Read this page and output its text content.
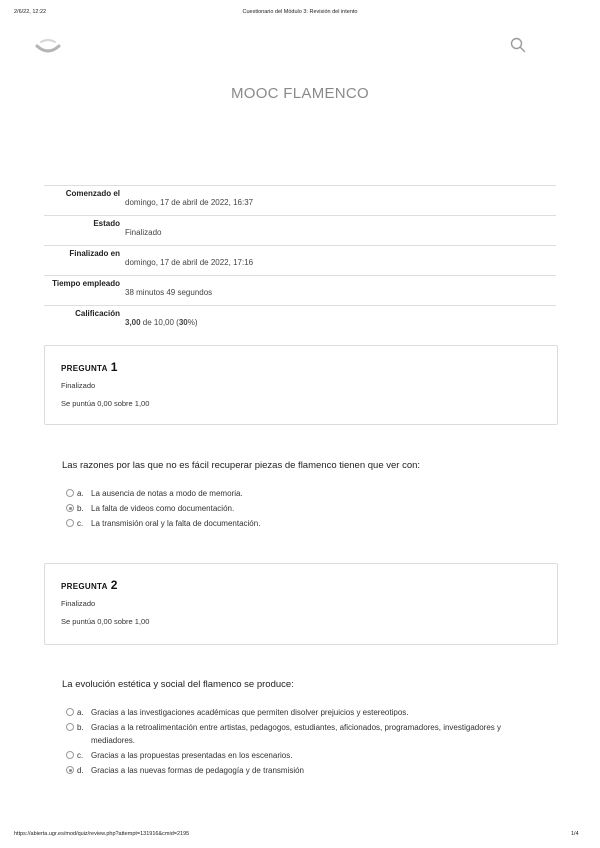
2/6/22, 12:22	Cuestionario del Módulo 3: Revisión del intento
MOOC FLAMENCO
Comenzado el
domingo, 17 de abril de 2022, 16:37
Estado
Finalizado
Finalizado en
domingo, 17 de abril de 2022, 17:16
Tiempo empleado
38 minutos 49 segundos
Calificación
3,00 de 10,00 (30%)
PREGUNTA 1
Finalizado
Se puntúa 0,00 sobre 1,00
Las razones por las que no es fácil recuperar piezas de flamenco tienen que ver con:
a. La ausencia de notas a modo de memoria.
b. La falta de videos como documentación.
c. La transmisión oral y la falta de documentación.
PREGUNTA 2
Finalizado
Se puntúa 0,00 sobre 1,00
La evolución estética y social del flamenco se produce:
a. Gracias a las investigaciones académicas que permiten disolver prejuicios y estereotipos.
b. Gracias a la retroalimentación entre artistas, pedagogos, estudiantes, aficionados, programadores, investigadores y mediadores.
c. Gracias a las propuestas presentadas en los escenarios.
d. Gracias a las nuevas formas de pedagogía y de transmisión
https://abierta.ugr.es/mod/quiz/review.php?attempt=131916&cmid=2195	1/4
